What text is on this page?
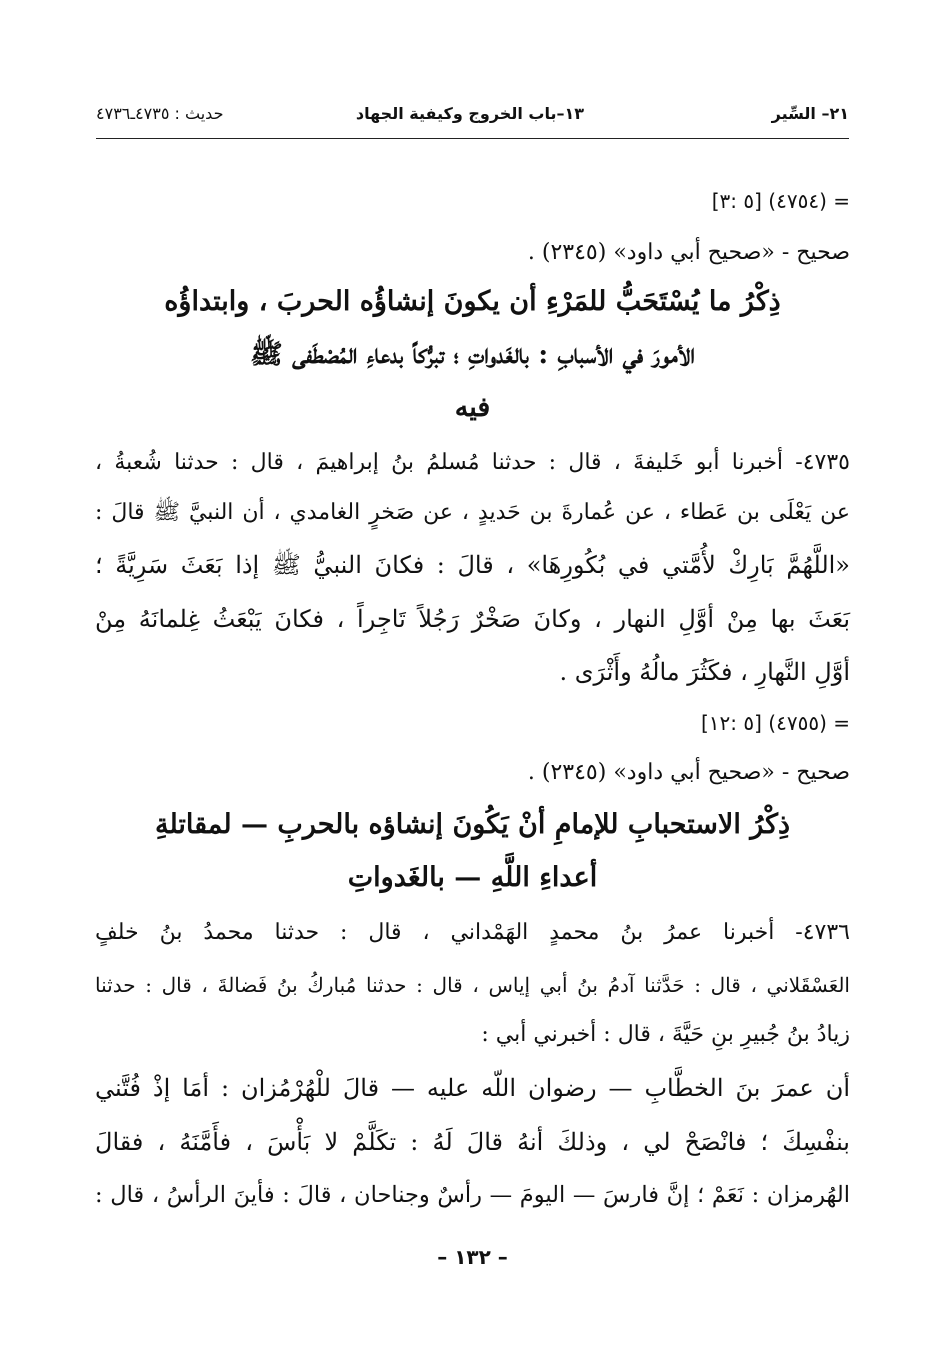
٢١– السِّير
١٣–باب الخروج وكيفية الجهاد
حديث : ٤٧٣٥ـ٤٧٣٦
= (٤٧٥٤) [٥ :٣]
صحيح - «صحيح أبي داود» (٢٣٤٥) .
ذِكْرُ ما يُسْتَحَبُّ للمَرْءِ أن يكونَ إنشاؤُه الحربَ ، وابتداؤُه
الأمورَ في الأسبابِ : بالغَدواتِ ؛ تبرُّكاً بدعاءِ المُصْطَفى ﷺ
فيه
٤٧٣٥- أخبرنا أبو خَليفةَ ، قال : حدثنا مُسلمُ بنُ إبراهيمَ ، قال : حدثنا شُعبةُ ،
عن يَعْلَى بن عَطاء ، عن عُمارةَ بن حَديدٍ ، عن صَخرٍ الغامدي ، أن النبيَّ ﷺ قالَ :
«اللَّهُمَّ بَارِكْ لأُمَّتي في بُكُورِهَا» ، قالَ : فكانَ النبيُّ ﷺ إذا بَعَثَ سَرِيَّةً ؛
بَعَثَ بها مِنْ أوَّلِ النهار ، وكانَ صَخْرٌ رَجُلاً تَاجِراً ، فكانَ يَبْعَثُ غِلمانَهُ مِنْ
أوَّلِ النَّهارِ ، فكَثُرَ مالُهُ وأَثْرَى .
= (٤٧٥٥) [٥ :١٢]
صحيح - «صحيح أبي داود» (٢٣٤٥) .
ذِكْرُ الاستحبابِ للإمامِ أنْ يَكُونَ إنشاؤه بالحربِ — لمقاتلةِ
أعداءِ اللَّهِ — بالغَدواتِ
٤٧٣٦- أخبرنا عمرُ بنُ محمدٍ الهَمْداني ، قال : حدثنا محمدُ بنُ خلفٍ
العَسْقَلاني ، قال : حَدَّثنا آدمُ بنُ أبي إياس ، قال : حدثنا مُباركُ بنُ فَضالةَ ، قال : حدثنا
زيادُ بنُ جُبيرِ بنِ حَيَّةَ ، قال : أخبرني أبي :
أن عمرَ بنَ الخطَّابِ — رضوان اللّه عليه — قالَ للْهُرْمُزان : أمَا إذْ فُتَّني
بنفْسِكَ ؛ فانْصَحْ لي ، وذلكَ أنهُ قالَ لَهُ : تكَلَّمْ لا بَأْسَ ، فأَمَّنَهُ ، فقالَ
الهُرمزان : نَعَمْ ؛ إنَّ فارسَ — اليومَ — رأسٌ وجناحان ، قالَ : فأينَ الرأسُ ، قال :
– ١٣٢ –
